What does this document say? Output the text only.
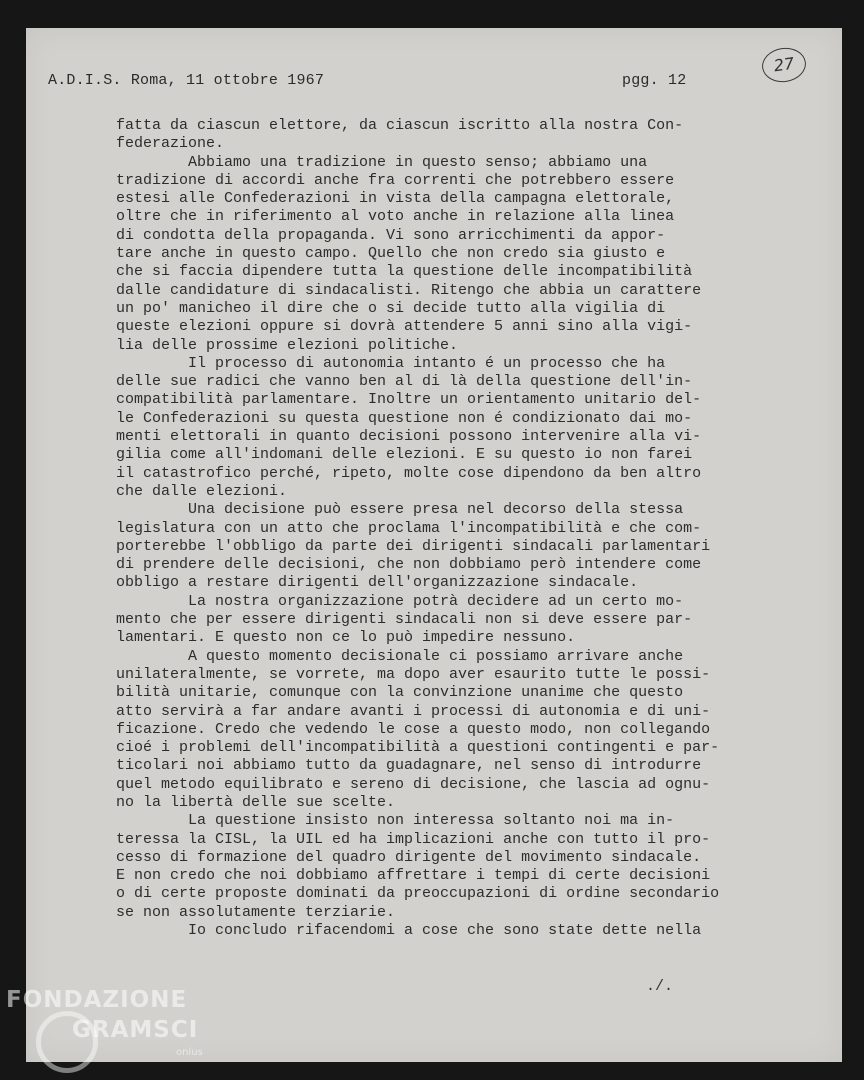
27
A.D.I.S. Roma, 11 ottobre 1967	pgg. 12
fatta da ciascun elettore, da ciascun iscritto alla nostra Con-
federazione.
Abbiamo una tradizione in questo senso; abbiamo una
tradizione di accordi anche fra correnti che potrebbero essere
estesi alle Confederazioni in vista della campagna elettorale,
oltre che in riferimento al voto anche in relazione alla linea
di condotta della propaganda. Vi sono arricchimenti da appor-
tare anche in questo campo. Quello che non credo sia giusto e
che si faccia dipendere tutta la questione delle incompatibilità
dalle candidature di sindacalisti. Ritengo che abbia un carattere
un po' manicheo il dire che o si decide tutto alla vigilia di
queste elezioni oppure si dovrà attendere 5 anni sino alla vigi-
lia delle prossime elezioni politiche.
Il processo di autonomia intanto é un processo che ha
delle sue radici che vanno ben al di là della questione dell'in-
compatibilità parlamentare. Inoltre un orientamento unitario del-
le Confederazioni su questa questione non é condizionato dai mo-
menti elettorali in quanto decisioni possono intervenire alla vi-
gilia come all'indomani delle elezioni. E su questo io non farei
il catastrofico perché, ripeto, molte cose dipendono da ben altro
che dalle elezioni.
Una decisione può essere presa nel decorso della stessa
legislatura con un atto che proclama l'incompatibilità e che com-
porterebbe l'obbligo da parte dei dirigenti sindacali parlamentari
di prendere delle decisioni, che non dobbiamo però intendere come
obbligo a restare dirigenti dell'organizzazione sindacale.
La nostra organizzazione potrà decidere ad un certo mo-
mento che per essere dirigenti sindacali non si deve essere par-
lamentari. E questo non ce lo può impedire nessuno.
A questo momento decisionale ci possiamo arrivare anche
unilateralmente, se vorrete, ma dopo aver esaurito tutte le possi-
bilità unitarie, comunque con la convinzione unanime che questo
atto servirà a far andare avanti i processi di autonomia e di uni-
ficazione. Credo che vedendo le cose a questo modo, non collegando
cioé i problemi dell'incompatibilità a questioni contingenti e par-
ticolari noi abbiamo tutto da guadagnare, nel senso di introdurre
quel metodo equilibrato e sereno di decisione, che lascia ad ognu-
no la libertà delle sue scelte.
La questione insisto non interessa soltanto noi ma in-
teressa la CISL, la UIL ed ha implicazioni anche con tutto il pro-
cesso di formazione del quadro dirigente del movimento sindacale.
E non credo che noi dobbiamo affrettare i tempi di certe decisioni
o di certe proposte dominati da preoccupazioni di ordine secondario
se non assolutamente terziarie.
Io concludo rifacendomi a cose che sono state dette nella
./.
FONDAZIONE
GRAMSCI
onlus
